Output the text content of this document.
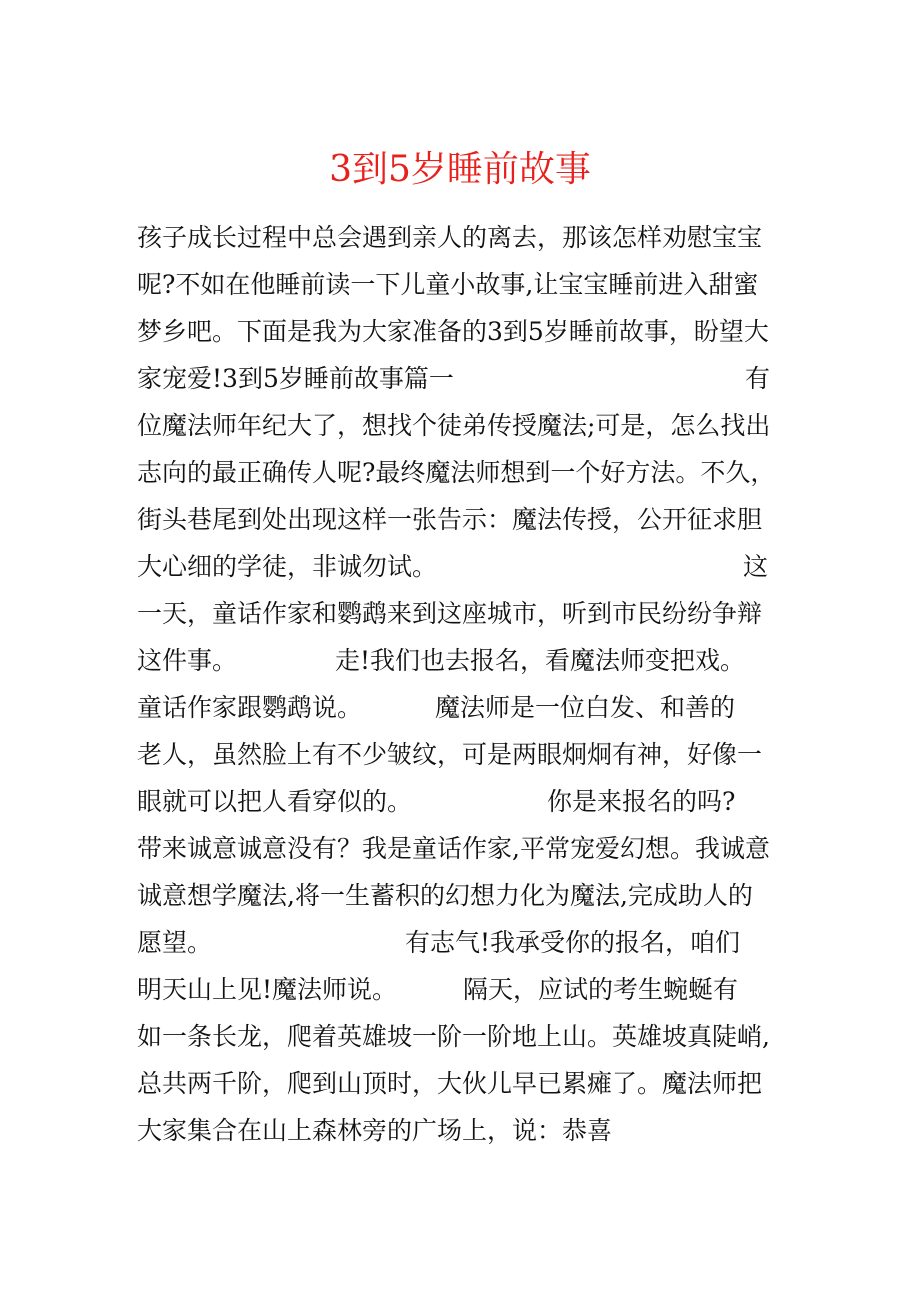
3到5岁睡前故事
孩子成长过程中总会遇到亲人的离去，那该怎样劝慰宝宝
呢?不如在他睡前读一下儿童小故事,让宝宝睡前进入甜蜜
梦乡吧。下面是我为大家准备的3到5岁睡前故事，盼望大
家宠爱!3到5岁睡前故事篇一	有
位魔法师年纪大了，想找个徒弟传授魔法;可是，怎么找出
志向的最正确传人呢?最终魔法师想到一个好方法。不久，
街头巷尾到处出现这样一张告示：魔法传授，公开征求胆
大心细的学徒，非诚勿试。	这
一天，童话作家和鹦鹉来到这座城市，听到市民纷纷争辩
这件事。	走!我们也去报名，看魔法师变把戏。
童话作家跟鹦鹉说。	魔法师是一位白发、和善的
老人，虽然脸上有不少皱纹，可是两眼炯炯有神，好像一
眼就可以把人看穿似的。	你是来报名的吗?
带来诚意诚意没有？我是童话作家,平常宠爱幻想。我诚意
诚意想学魔法,将一生蓄积的幻想力化为魔法,完成助人的
愿望。	有志气!我承受你的报名，咱们
明天山上见!魔法师说。	隔天，应试的考生蜿蜒有
如一条长龙，爬着英雄坡一阶一阶地上山。英雄坡真陡峭,
总共两千阶，爬到山顶时，大伙儿早已累瘫了。魔法师把
大家集合在山上森林旁的广场上，说：恭喜
